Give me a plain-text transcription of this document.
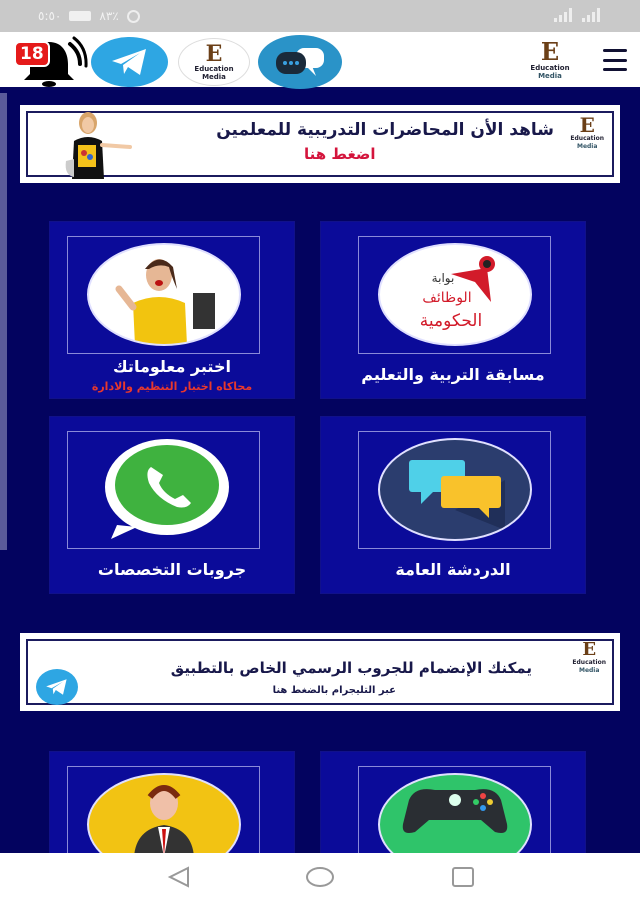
٥:٥٠	٨٣٪
18	E
Education
Media
E
Education
Media
شاهد الأن المحاضرات التدريبية للمعلمين
اضغط هنا
E
Education
Media
بوابة
الوظائف
الحكومية
مسابقة التربية والتعليم
اختبر معلوماتك
محاكاه اختبار التنظيم والادارة
الدردشة العامة
جروبات التخصصات
يمكنك الإنضمام للجروب الرسمي الخاص بالتطبيق
عبر التليجرام بالضغط هنا
E
Education
Media
